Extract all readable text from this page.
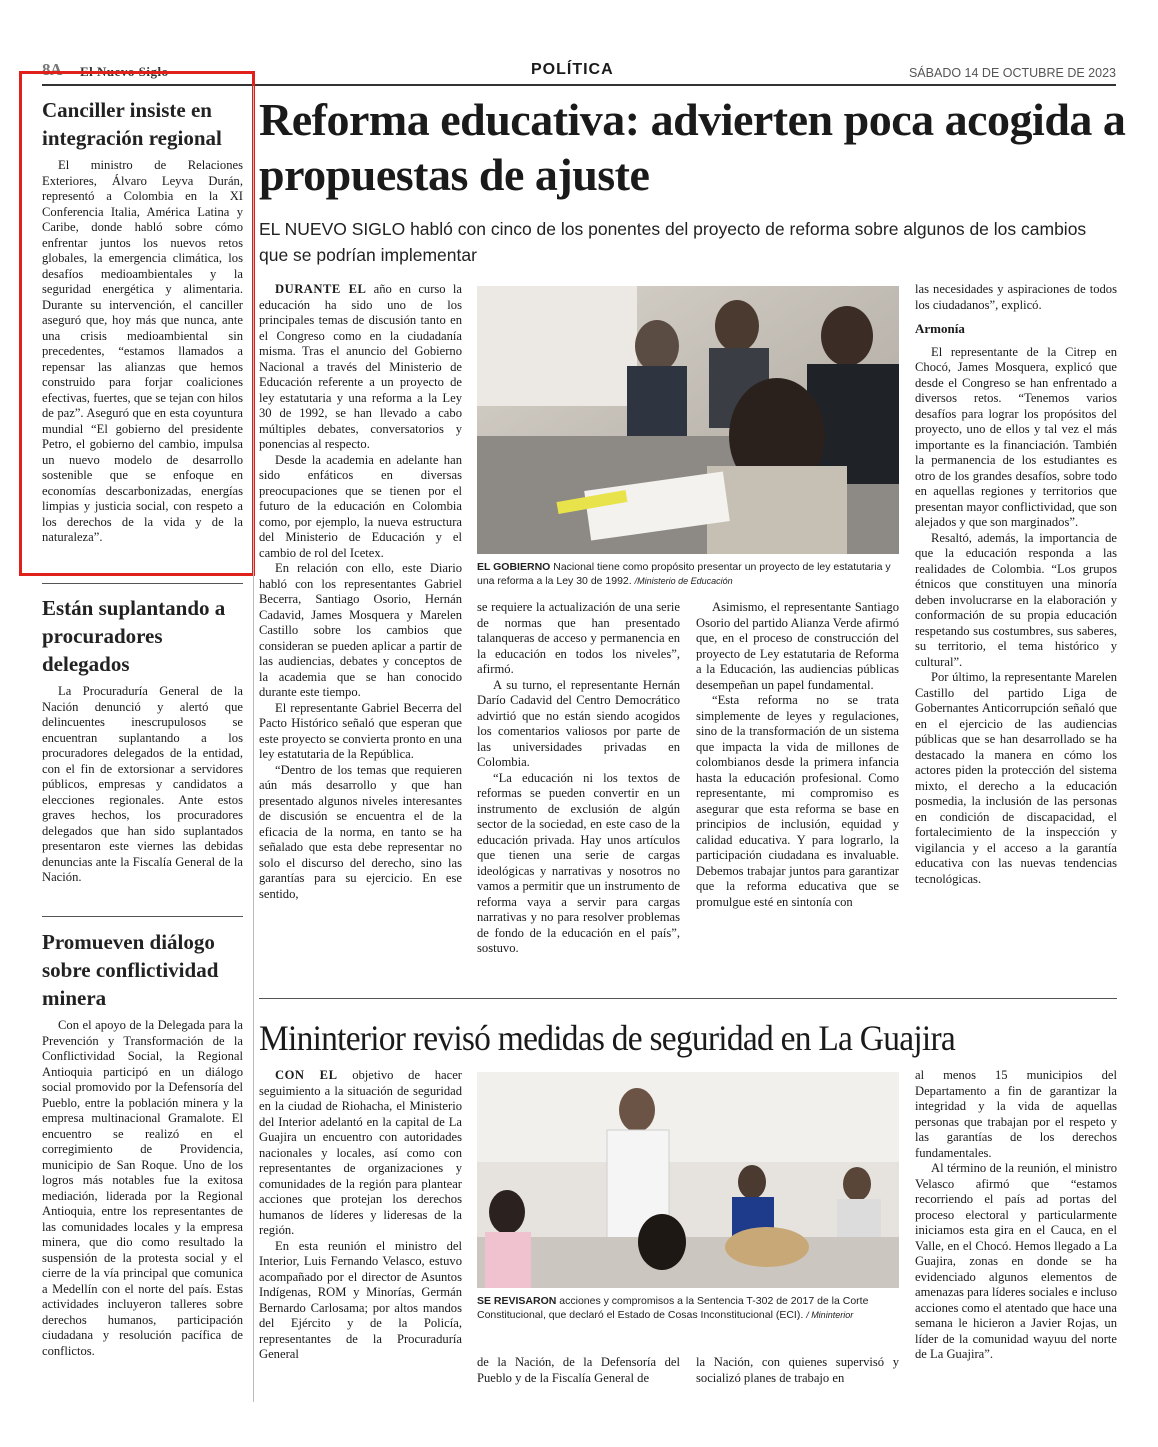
8A El Nuevo Siglo	POLÍTICA	SÁBADO 14 DE OCTUBRE DE 2023
Canciller insiste en integración regional

El ministro de Relaciones Exteriores, Álvaro Leyva Durán, representó a Colombia en la XI Conferencia Italia, América Latina y Caribe, donde habló sobre cómo enfrentar juntos los nuevos retos globales, la emergencia climática, los desafíos medioambientales y la seguridad energética y alimentaria. Durante su intervención, el canciller aseguró que, hoy más que nunca, ante una crisis medioambiental sin precedentes, “estamos llamados a repensar las alianzas que hemos construido para forjar coaliciones efectivas, fuertes, que se tejan con hilos de paz”. Aseguró que en esta coyuntura mundial “El gobierno del presidente Petro, el gobierno del cambio, impulsa un nuevo modelo de desarrollo sostenible que se enfoque en economías descarbonizadas, energías limpias y justicia social, con respeto a los derechos de la vida y de la naturaleza”.

Están suplantando a procuradores delegados

La Procuraduría General de la Nación denunció y alertó que delincuentes inescrupulosos se encuentran suplantando a los procuradores delegados de la entidad, con el fin de extorsionar a servidores públicos, empresas y candidatos a elecciones regionales. Ante estos graves hechos, los procuradores delegados que han sido suplantados presentaron este viernes las debidas denuncias ante la Fiscalía General de la Nación.

Promueven diálogo sobre conflictividad minera

Con el apoyo de la Delegada para la Prevención y Transformación de la Conflictividad Social, la Regional Antioquia participó en un diálogo social promovido por la Defensoría del Pueblo, entre la población minera y la empresa multinacional Gramalote. El encuentro se realizó en el corregimiento de Providencia, municipio de San Roque. Uno de los logros más notables fue la exitosa mediación, liderada por la Regional Antioquia, entre los representantes de las comunidades locales y la empresa minera, que dio como resultado la suspensión de la protesta social y el cierre de la vía principal que comunica a Medellín con el norte del país. Estas actividades incluyeron talleres sobre derechos humanos, participación ciudadana y resolución pacífica de conflictos.

Reforma educativa: advierten poca acogida a propuestas de ajuste

EL NUEVO SIGLO habló con cinco de los ponentes del proyecto de reforma sobre algunos de los cambios que se podrían implementar

DURANTE EL año en curso la educación ha sido uno de los principales temas de discusión tanto en el Congreso como en la ciudadanía misma. Tras el anuncio del Gobierno Nacional a través del Ministerio de Educación referente a un proyecto de ley estatutaria y una reforma a la Ley 30 de 1992, se han llevado a cabo múltiples debates, conversatorios y ponencias al respecto.

Desde la academia en adelante han sido enfáticos en diversas preocupaciones que se tienen por el futuro de la educación en Colombia como, por ejemplo, la nueva estructura del Ministerio de Educación y el cambio de rol del Icetex.

En relación con ello, este Diario habló con los representantes Gabriel Becerra, Santiago Osorio, Hernán Cadavid, James Mosquera y Marelen Castillo sobre los cambios que consideran se pueden aplicar a partir de las audiencias, debates y conceptos de la academia que se han conocido durante este tiempo.

El representante Gabriel Becerra del Pacto Histórico señaló que esperan que este proyecto se convierta pronto en una ley estatutaria de la República.

“Dentro de los temas que requieren aún más desarrollo y que han presentado algunos niveles interesantes de discusión se encuentra el de la eficacia de la norma, en tanto se ha señalado que esta debe representar no solo el discurso del derecho, sino las garantías para su ejercicio. En ese sentido,

EL GOBIERNO Nacional tiene como propósito presentar un proyecto de ley estatutaria y una reforma a la Ley 30 de 1992. /Ministerio de Educación

se requiere la actualización de una serie de normas que han presentado talanqueras de acceso y permanencia en la educación en todos los niveles”, afirmó.

A su turno, el representante Hernán Darío Cadavid del Centro Democrático advirtió que no están siendo acogidos los comentarios valiosos por parte de las universidades privadas en Colombia.

“La educación ni los textos de reformas se pueden convertir en un instrumento de exclusión de algún sector de la sociedad, en este caso de la educación privada. Hay unos artículos que tienen una serie de cargas ideológicas y narrativas y nosotros no vamos a permitir que un instrumento de reforma vaya a servir para cargas narrativas y no para resolver problemas de fondo de la educación en el país”, sostuvo.

Asimismo, el representante Santiago Osorio del partido Alianza Verde afirmó que, en el proceso de construcción del proyecto de Ley estatutaria de Reforma a la Educación, las audiencias públicas desempeñan un papel fundamental.

“Esta reforma no se trata simplemente de leyes y regulaciones, sino de la transformación de un sistema que impacta la vida de millones de colombianos desde la primera infancia hasta la educación profesional. Como representante, mi compromiso es asegurar que esta reforma se base en principios de inclusión, equidad y calidad educativa. Y para lograrlo, la participación ciudadana es invaluable. Debemos trabajar juntos para garantizar que la reforma educativa que se promulgue esté en sintonía con

las necesidades y aspiraciones de todos los ciudadanos”, explicó.

Armonía

El representante de la Citrep en Chocó, James Mosquera, explicó que desde el Congreso se han enfrentado a diversos retos. “Tenemos varios desafíos para lograr los propósitos del proyecto, uno de ellos y tal vez el más importante es la financiación. También la permanencia de los estudiantes es otro de los grandes desafíos, sobre todo en aquellas regiones y territorios que presentan mayor conflictividad, que son alejados y que son marginados”.

Resaltó, además, la importancia de que la educación responda a las realidades de Colombia. “Los grupos étnicos que constituyen una minoría deben involucrarse en la elaboración y conformación de su propia educación respetando sus costumbres, sus saberes, su territorio, el tema histórico y cultural”.

Por último, la representante Marelen Castillo del partido Liga de Gobernantes Anticorrupción señaló que en el ejercicio de las audiencias públicas que se han desarrollado se ha destacado la manera en cómo los actores piden la protección del sistema mixto, el derecho a la educación posmedia, la inclusión de las personas en condición de discapacidad, el fortalecimiento de la inspección y vigilancia y el acceso a la garantía educativa con las nuevas tendencias tecnológicas.

Mininterior revisó medidas de seguridad en La Guajira

CON EL objetivo de hacer seguimiento a la situación de seguridad en la ciudad de Riohacha, el Ministerio del Interior adelantó en la capital de La Guajira un encuentro con autoridades nacionales y locales, así como con representantes de organizaciones y comunidades de la región para plantear acciones que protejan los derechos humanos de líderes y lideresas de la región.

En esta reunión el ministro del Interior, Luis Fernando Velasco, estuvo acompañado por el director de Asuntos Indígenas, ROM y Minorías, Germán Bernardo Carlosama; por altos mandos del Ejército y de la Policía, representantes de la Procuraduría General

SE REVISARON acciones y compromisos a la Sentencia T-302 de 2017 de la Corte Constitucional, que declaró el Estado de Cosas Inconstitucional (ECI). / Mininterior

de la Nación, de la Defensoría del Pueblo y de la Fiscalía General de

la Nación, con quienes supervisó y socializó planes de trabajo en

al menos 15 municipios del Departamento a fin de garantizar la integridad y la vida de aquellas personas que trabajan por el respeto y las garantías de los derechos fundamentales.

Al término de la reunión, el ministro Velasco afirmó que “estamos recorriendo el país ad portas del proceso electoral y particularmente iniciamos esta gira en el Cauca, en el Valle, en el Chocó. Hemos llegado a La Guajira, zonas en donde se ha evidenciado algunos elementos de amenazas para líderes sociales e incluso acciones como el atentado que hace una semana le hicieron a Javier Rojas, un líder de la comunidad wayuu del norte de La Guajira”.
